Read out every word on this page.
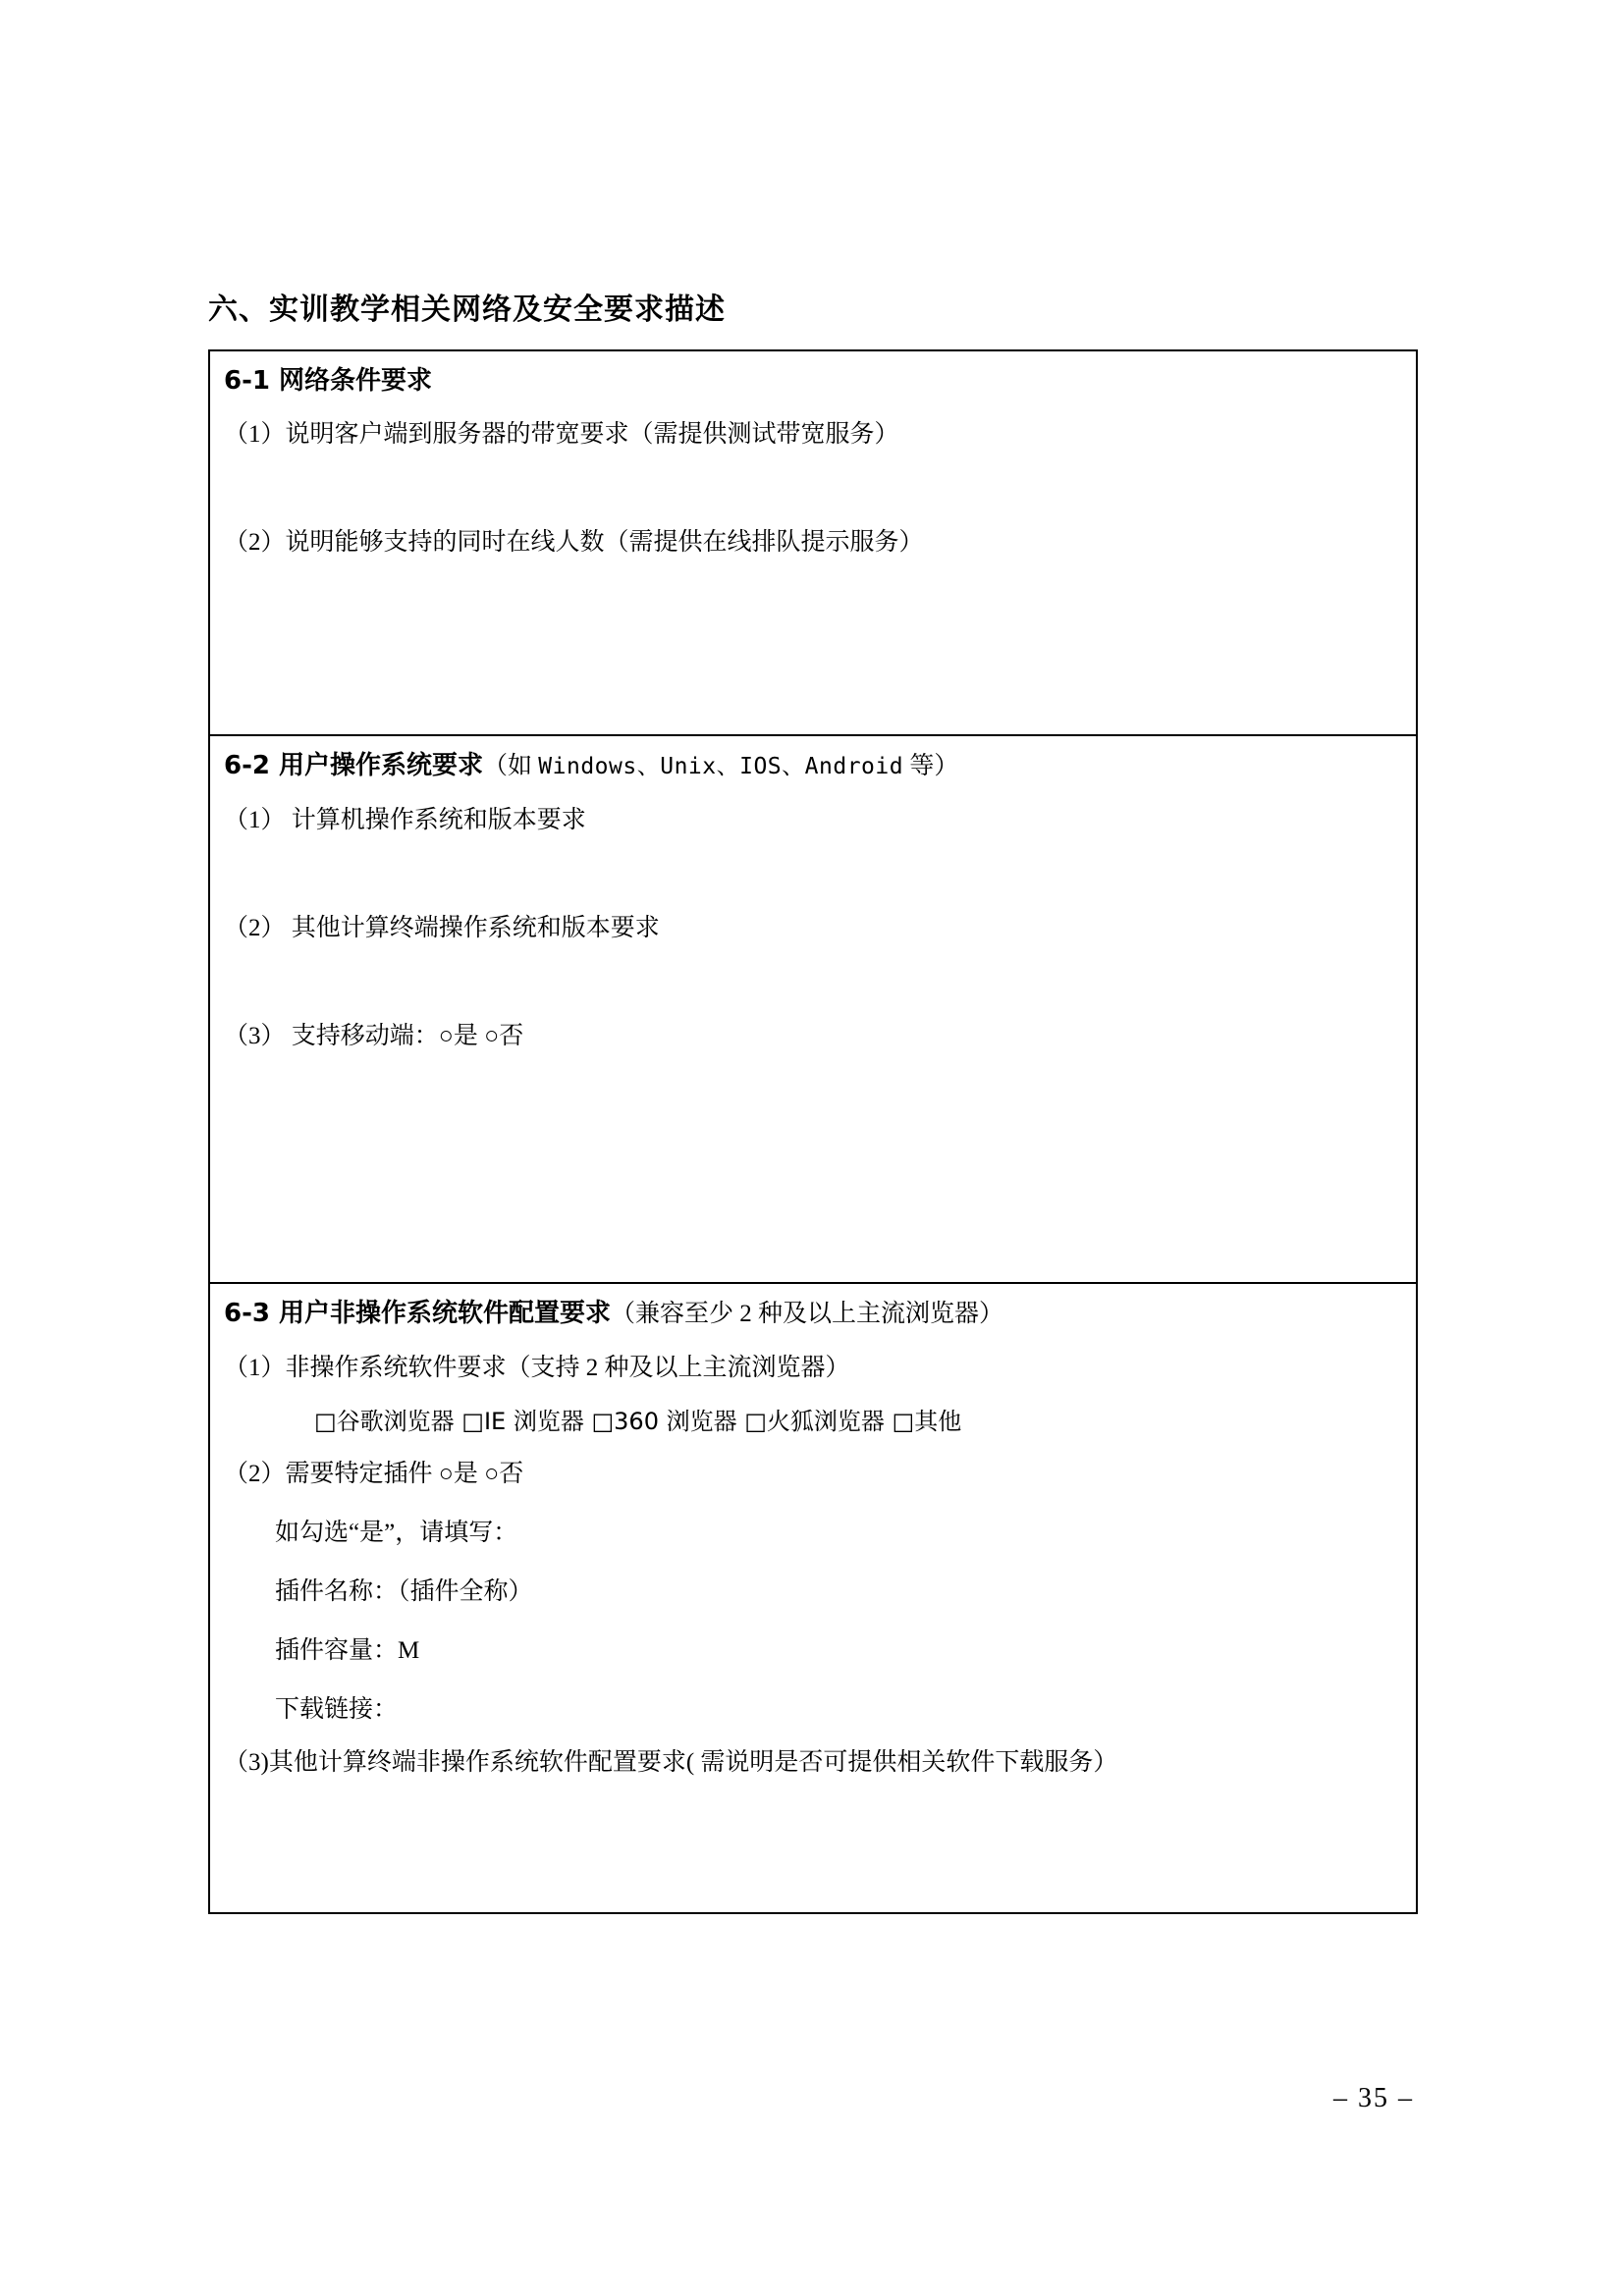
六、实训教学相关网络及安全要求描述
6-1 网络条件要求
（1）说明客户端到服务器的带宽要求（需提供测试带宽服务）
（2）说明能够支持的同时在线人数（需提供在线排队提示服务）
6-2 用户操作系统要求（如 Windows、Unix、IOS、Android 等）
（1） 计算机操作系统和版本要求
（2） 其他计算终端操作系统和版本要求
（3） 支持移动端：○是 ○否
6-3 用户非操作系统软件配置要求（兼容至少 2 种及以上主流浏览器）
（1）非操作系统软件要求（支持 2 种及以上主流浏览器）
□谷歌浏览器 □IE 浏览器 □360 浏览器 □火狐浏览器 □其他
（2）需要特定插件 ○是 ○否
如勾选“是”，请填写：
插件名称：（插件全称）
插件容量：M
下载链接：
（3)其他计算终端非操作系统软件配置要求( 需说明是否可提供相关软件下载服务）
– 35 –
